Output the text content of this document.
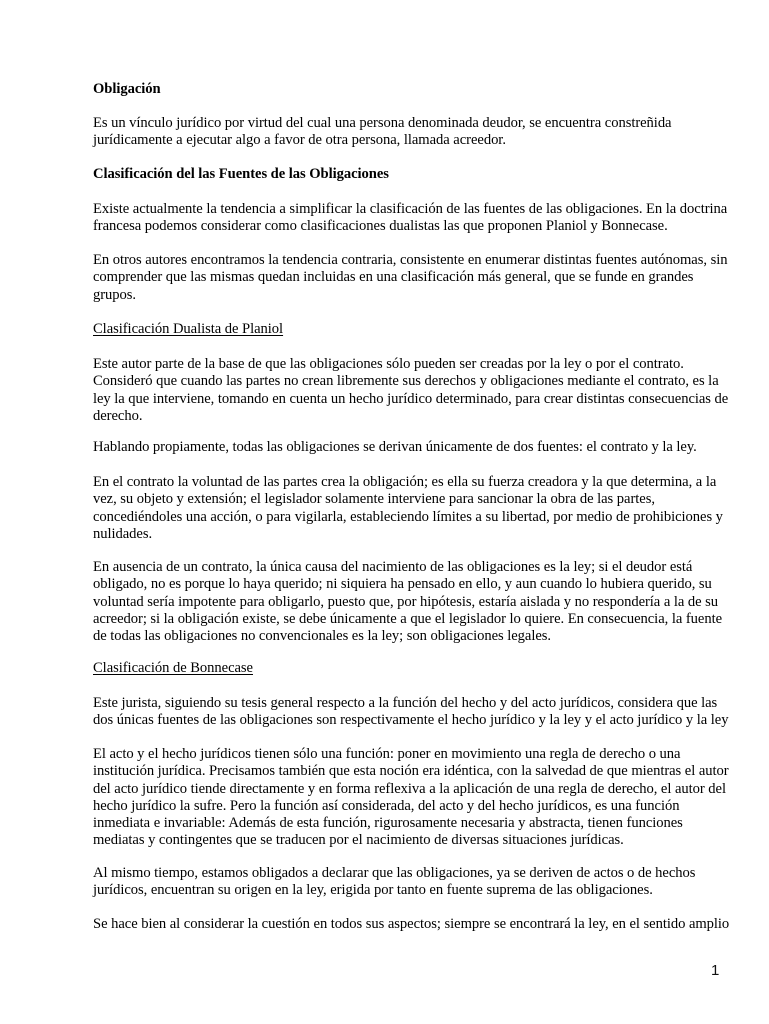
Obligación

Es un vínculo jurídico por virtud del cual una persona denominada deudor, se encuentra constreñida jurídicamente a ejecutar algo a favor de otra persona, llamada acreedor.

Clasificación del las Fuentes de las Obligaciones

Existe actualmente la tendencia a simplificar la clasificación de las fuentes de las obligaciones. En la doctrina francesa podemos considerar como clasificaciones dualistas las que proponen Planiol y Bonnecase.

En otros autores encontramos la tendencia contraria, consistente en enumerar distintas fuentes autónomas, sin comprender que las mismas quedan incluidas en una clasificación más general, que se funde en grandes grupos.

Clasificación Dualista de Planiol

Este autor parte de la base de que las obligaciones sólo pueden ser creadas por la ley o por el contrato. Consideró que cuando las partes no crean libremente sus derechos y obligaciones mediante el contrato, es la ley la que interviene, tomando en cuenta un hecho jurídico determinado, para crear distintas consecuencias de derecho.

Hablando propiamente, todas las obligaciones se derivan únicamente de dos fuentes: el contrato y la ley.

En el contrato la voluntad de las partes crea la obligación; es ella su fuerza creadora y la que determina, a la vez, su objeto y extensión; el legislador solamente interviene para sancionar la obra de las partes, concediéndoles una acción, o para vigilarla, estableciendo límites a su libertad, por medio de prohibiciones y nulidades.

En ausencia de un contrato, la única causa del nacimiento de las obligaciones es la ley; si el deudor está obligado, no es porque lo haya querido; ni siquiera ha pensado en ello, y aun cuando lo hubiera querido, su voluntad sería impotente para obligarlo, puesto que, por hipótesis, estaría aislada y no respondería a la de su acreedor; si la obligación existe, se debe únicamente a que el legislador lo quiere. En consecuencia, la fuente de todas las obligaciones no convencionales es la ley; son obligaciones legales.

Clasificación de Bonnecase

Este jurista, siguiendo su tesis general respecto a la función del hecho y del acto jurídicos, considera que las dos únicas fuentes de las obligaciones son respectivamente el hecho jurídico y la ley y el acto jurídico y la ley

El acto y el hecho jurídicos tienen sólo una función: poner en movimiento una regla de derecho o una institución jurídica. Precisamos también que esta noción era idéntica, con la salvedad de que mientras el autor del acto jurídico tiende directamente y en forma reflexiva a la aplicación de una regla de derecho, el autor del hecho jurídico la sufre. Pero la función así considerada, del acto y del hecho jurídicos, es una función inmediata e invariable: Además de esta función, rigurosamente necesaria y abstracta, tienen funciones mediatas y contingentes que se traducen por el nacimiento de diversas situaciones jurídicas.

Al mismo tiempo, estamos obligados a declarar que las obligaciones, ya se deriven de actos o de hechos jurídicos, encuentran su origen en la ley, erigida por tanto en fuente suprema de las obligaciones.

Se hace bien al considerar la cuestión en todos sus aspectos; siempre se encontrará la ley, en el sentido amplio

1
